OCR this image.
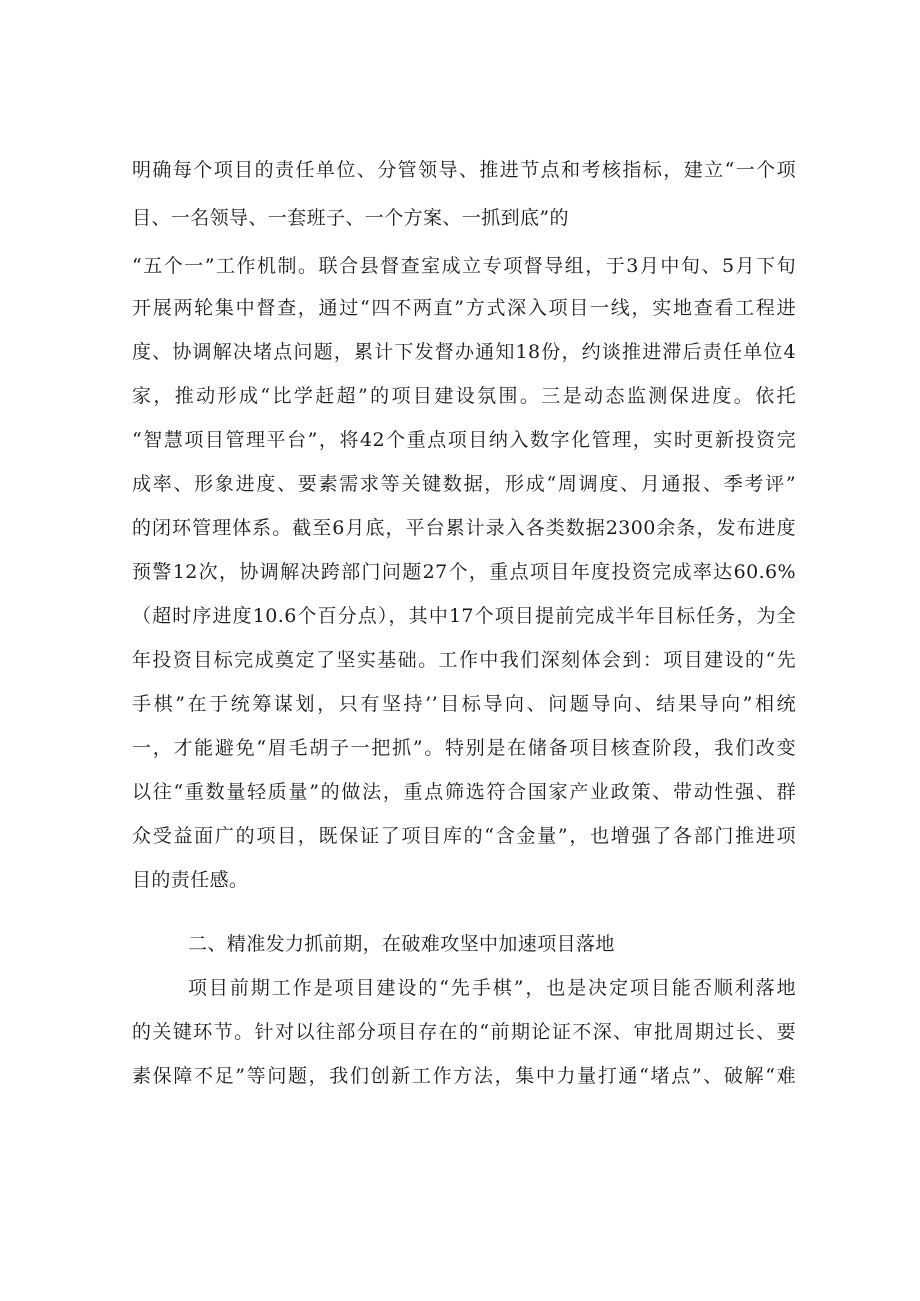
明确每个项目的责任单位、分管领导、推进节点和考核指标，建立“一个项
目、一名领导、一套班子、一个方案、一抓到底”的
“五个一”工作机制。联合县督查室成立专项督导组，于3月中旬、5月下旬
开展两轮集中督查，通过“四不两直”方式深入项目一线，实地查看工程进
度、协调解决堵点问题，累计下发督办通知18份，约谈推进滞后责任单位4
家，推动形成“比学赶超”的项目建设氛围。三是动态监测保进度。依托
“智慧项目管理平台”，将42个重点项目纳入数字化管理，实时更新投资完
成率、形象进度、要素需求等关键数据，形成“周调度、月通报、季考评”
的闭环管理体系。截至6月底，平台累计录入各类数据2300余条，发布进度
预警12次，协调解决跨部门问题27个，重点项目年度投资完成率达60.6%
（超时序进度10.6个百分点），其中17个项目提前完成半年目标任务，为全
年投资目标完成奠定了坚实基础。工作中我们深刻体会到：项目建设的“先
手棋”在于统筹谋划，只有坚持’’目标导向、问题导向、结果导向”相统
一，才能避免“眉毛胡子一把抓”。特别是在储备项目核查阶段，我们改变
以往“重数量轻质量”的做法，重点筛选符合国家产业政策、带动性强、群
众受益面广的项目，既保证了项目库的“含金量”，也增强了各部门推进项
目的责任感。
二、精准发力抓前期，在破难攻坚中加速项目落地
项目前期工作是项目建设的“先手棋”，也是决定项目能否顺利落地
的关键环节。针对以往部分项目存在的“前期论证不深、审批周期过长、要
素保障不足”等问题，我们创新工作方法，集中力量打通“堵点”、破解“难
